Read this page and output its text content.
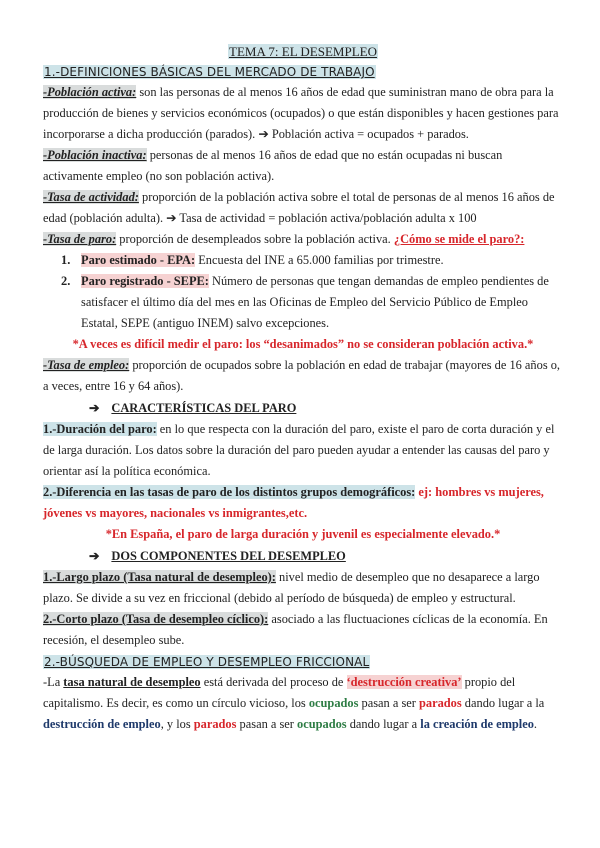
TEMA 7: EL DESEMPLEO
1.-DEFINICIONES BÁSICAS DEL MERCADO DE TRABAJO

-Población activa: son las personas de al menos 16 años de edad que suministran mano de obra para la producción de bienes y servicios económicos (ocupados) o que están disponibles y hacen gestiones para incorporarse a dicha producción (parados). ➔ Población activa = ocupados + parados.

-Población inactiva: personas de al menos 16 años de edad que no están ocupadas ni buscan activamente empleo (no son población activa).

-Tasa de actividad: proporción de la población activa sobre el total de personas de al menos 16 años de edad (población adulta). ➔ Tasa de actividad = población activa/población adulta x 100

-Tasa de paro: proporción de desempleados sobre la población activa. ¿Cómo se mide el paro?:

1. Paro estimado - EPA: Encuesta del INE a 65.000 familias por trimestre.
2. Paro registrado - SEPE: Número de personas que tengan demandas de empleo pendientes de satisfacer el último día del mes en las Oficinas de Empleo del Servicio Público de Empleo Estatal, SEPE (antiguo INEM) salvo excepciones.

*A veces es difícil medir el paro: los “desanimados” no se consideran población activa.*

-Tasa de empleo: proporción de ocupados sobre la población en edad de trabajar (mayores de 16 años o, a veces, entre 16 y 64 años).

➔ CARACTERÍSTICAS DEL PARO

1.-Duración del paro: en lo que respecta con la duración del paro, existe el paro de corta duración y el de larga duración. Los datos sobre la duración del paro pueden ayudar a entender las causas del paro y orientar así la política económica.

2.-Diferencia en las tasas de paro de los distintos grupos demográficos: ej: hombres vs mujeres, jóvenes vs mayores, nacionales vs inmigrantes,etc.

*En España, el paro de larga duración y juvenil es especialmente elevado.*

➔ DOS COMPONENTES DEL DESEMPLEO

1.-Largo plazo (Tasa natural de desempleo): nivel medio de desempleo que no desaparece a largo plazo. Se divide a su vez en friccional (debido al período de búsqueda) de empleo y estructural.

2.-Corto plazo (Tasa de desempleo cíclico): asociado a las fluctuaciones cíclicas de la economía. En recesión, el desempleo sube.

2.-BÚSQUEDA DE EMPLEO Y DESEMPLEO FRICCIONAL

-La tasa natural de desempleo está derivada del proceso de ‘destrucción creativa’ propio del capitalismo. Es decir, es como un círculo vicioso, los ocupados pasan a ser parados dando lugar a la destrucción de empleo, y los parados pasan a ser ocupados dando lugar a la creación de empleo.
